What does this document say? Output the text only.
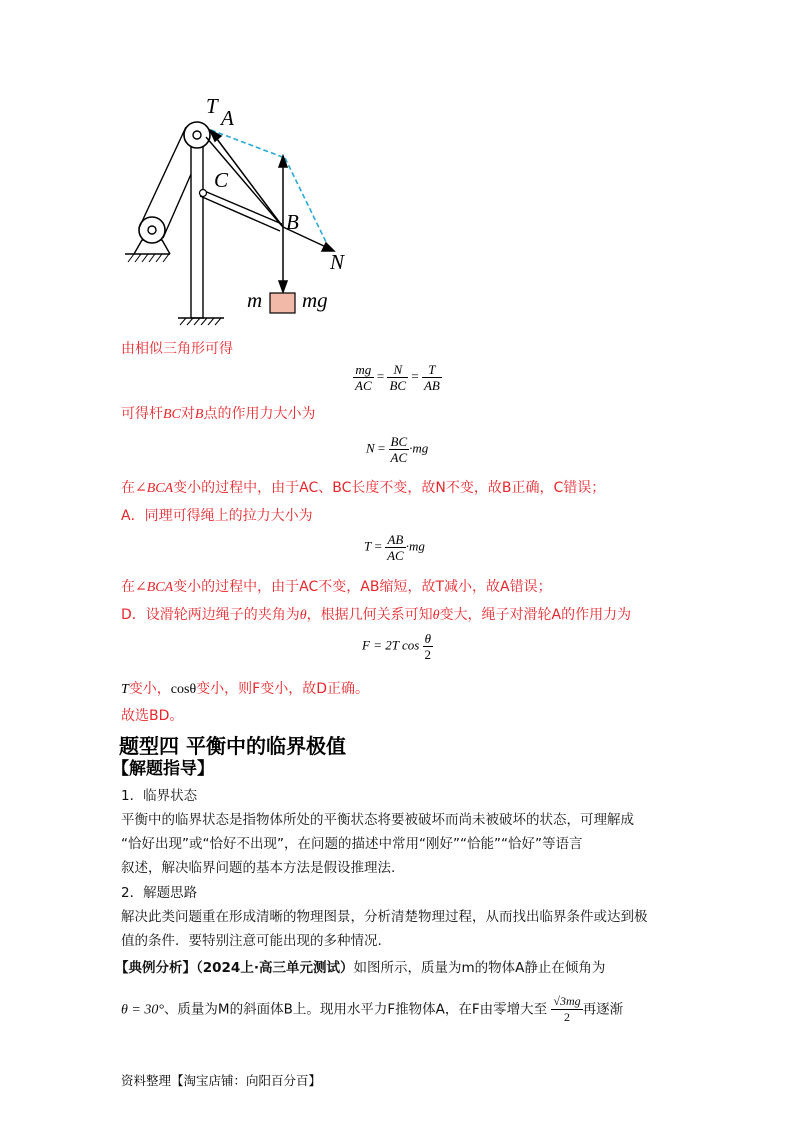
T A
C
B
N
m mg
由相似三角形可得
$\frac{mg}{AC} = \frac{N}{BC} = \frac{T}{AB}$
可得杆BC对B点的作用力大小为
$N = \frac{BC}{AC} \cdot mg$
在∠BCA变小的过程中，由于AC、BC长度不变，故N不变，故B正确，C错误；
A．同理可得绳上的拉力大小为
$T = \frac{AB}{AC} \cdot mg$
在∠BCA变小的过程中，由于AC不变，AB缩短，故T减小，故A错误；
D．设滑轮两边绳子的夹角为θ，根据几何关系可知θ变大，绳子对滑轮A的作用力为
F = 2T $\cos \frac{\theta}{2}$
T变小，cosθ变小，则F变小，故D正确。
故选BD。
题型四 平衡中的临界极值
【解题指导】
1．临界状态
平衡中的临界状态是指物体所处的平衡状态将要被破坏而尚未被破坏的状态，可理解成
“恰好出现”或“恰好不出现”，在问题的描述中常用“刚好”“恰能”“恰好”等语言
叙述，解决临界问题的基本方法是假设推理法.
2．解题思路
解决此类问题重在形成清晰的物理图景，分析清楚物理过程，从而找出临界条件或达到极
值的条件．要特别注意可能出现的多种情况.
【典例分析】（2024上·高三单元测试）如图所示，质量为m的物体A静止在倾角为
θ = 30°、质量为M的斜面体B上。现用水平力F推物体A，在F由零增大至 $\frac{√3mg}{2}$ 再逐渐
资料整理【淘宝店铺：向阳百分百】
